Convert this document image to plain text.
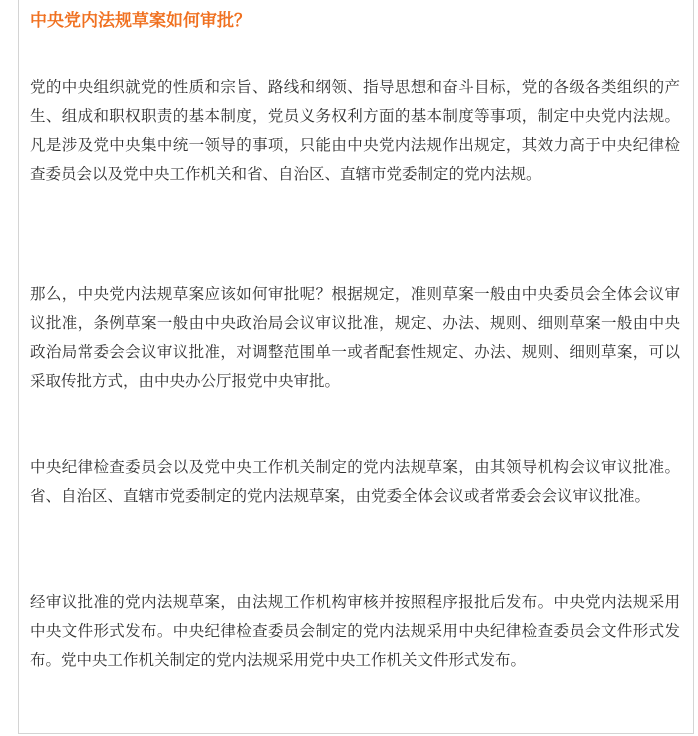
中央党内法规草案如何审批？

党的中央组织就党的性质和宗旨、路线和纲领、指导思想和奋斗目标，党的各级各类组织的产生、组成和职权职责的基本制度，党员义务权利方面的基本制度等事项，制定中央党内法规。凡是涉及党中央集中统一领导的事项，只能由中央党内法规作出规定，其效力高于中央纪律检查委员会以及党中央工作机关和省、自治区、直辖市党委制定的党内法规。

那么，中央党内法规草案应该如何审批呢？根据规定，准则草案一般由中央委员会全体会议审议批准，条例草案一般由中央政治局会议审议批准，规定、办法、规则、细则草案一般由中央政治局常委会会议审议批准，对调整范围单一或者配套性规定、办法、规则、细则草案，可以采取传批方式，由中央办公厅报党中央审批。

中央纪律检查委员会以及党中央工作机关制定的党内法规草案，由其领导机构会议审议批准。省、自治区、直辖市党委制定的党内法规草案，由党委全体会议或者常委会会议审议批准。

经审议批准的党内法规草案，由法规工作机构审核并按照程序报批后发布。中央党内法规采用中央文件形式发布。中央纪律检查委员会制定的党内法规采用中央纪律检查委员会文件形式发布。党中央工作机关制定的党内法规采用党中央工作机关文件形式发布。
